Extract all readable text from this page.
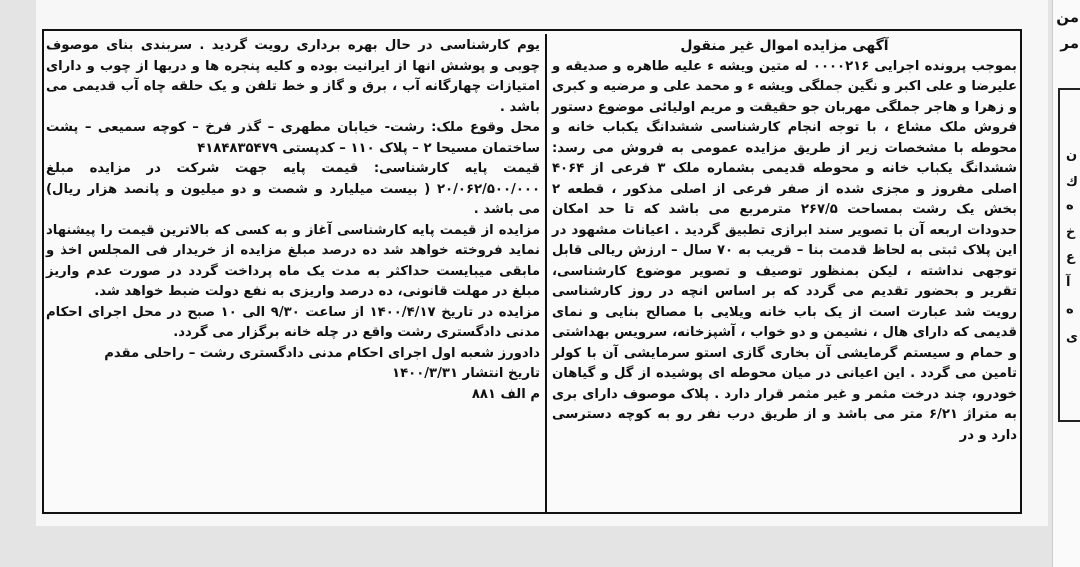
آگهی مزایده اموال غیر منقول

بموجب پرونده اجرایی ۰۰۰۰۲۱۶ له متین ویشه ء علیه طاهره و صدیقه و علیرضا و علی اکبر و نگین جملگی ویشه ء و محمد علی و مرضیه و کبری و زهرا و هاجر جملگی مهربان جو حقیقت و مریم اولیائی موضوع دستور فروش ملک مشاع ، با توجه انجام کارشناسی ششدانگ یکباب خانه و محوطه با مشخصات زیر از طریق مزایده عمومی به فروش می رسد: ششدانگ یکباب خانه و محوطه قدیمی بشماره ملک ۳ فرعی از ۴۰۶۴ اصلی مفروز و مجزی شده از صفر فرعی از اصلی مذکور ، قطعه ۲ بخش یک رشت بمساحت ۲۶۷/۵ مترمربع می باشد که تا حد امکان حدودات اربعه آن با تصویر سند ابرازی تطبیق گردید . اعیانات مشهود در این پلاک ثبتی به لحاظ قدمت بنا – قریب به ۷۰ سال – ارزش ریالی قابل توجهی نداشته ، لیکن بمنظور توصیف و تصویر موضوع کارشناسی، تقریر و بحضور تقدیم می گردد که بر اساس انچه در روز کارشناسی رویت شد عبارت است از یک باب خانه ویلایی با مصالح بنایی و نمای قدیمی که دارای هال ، نشیمن و دو خواب ، آشپزخانه، سرویس بهداشتی و حمام و سیستم گرمایشی آن بخاری گازی استو سرمایشی آن با کولر تامین می گردد . این اعیانی در میان محوطه ای پوشیده از گل و گیاهان خودرو، چند درخت مثمر و غیر مثمر قرار دارد . پلاک موصوف دارای بری به متراژ ۶/۲۱ متر می باشد و از طریق درب نفر رو به کوچه دسترسی دارد و در

یوم کارشناسی در حال بهره برداری رویت گردید . سربندی بنای موصوف چوبی و پوشش انها از ایرانیت بوده و کلیه پنجره ها و دربها از چوب و دارای امتیازات چهارگانه آب ، برق و گاز و خط تلفن و یک حلقه چاه آب قدیمی می باشد .

محل وقوع ملک: رشت- خیابان مطهری – گذر فرخ – کوچه سمیعی – پشت ساختمان مسیحا ۲ – پلاک ۱۱۰ – کدپستی ۴۱۸۴۸۳۵۴۷۹

قیمت پایه کارشناسی: قیمت پایه جهت شرکت در مزایده مبلغ ۲۰/۰۶۲/۵۰۰/۰۰۰ ( بیست میلیارد و شصت و دو میلیون و پانصد هزار ریال) می باشد .

مزایده از قیمت پایه کارشناسی آغاز و به کسی که بالاترین قیمت را پیشنهاد نماید فروخته خواهد شد ده درصد مبلغ مزایده از خریدار فی المجلس اخذ و مابقی میبایست حداکثر به مدت یک ماه پرداخت گردد در صورت عدم واریز مبلغ در مهلت قانونی، ده درصد واریزی به نفع دولت ضبط خواهد شد.

مزایده در تاریخ ۱۴۰۰/۴/۱۷ از ساعت ۹/۳۰ الی ۱۰ صبح در محل اجرای احکام مدنی دادگستری رشت واقع در چله خانه برگزار می گردد.

دادورز شعبه اول اجرای احکام مدنی دادگستری رشت – راحلی مقدم

تاریخ انتشار ۱۴۰۰/۳/۳۱

م الف ۸۸۱

من
مر
ن
ك
ه
خ
ع
آ
ه
ی
